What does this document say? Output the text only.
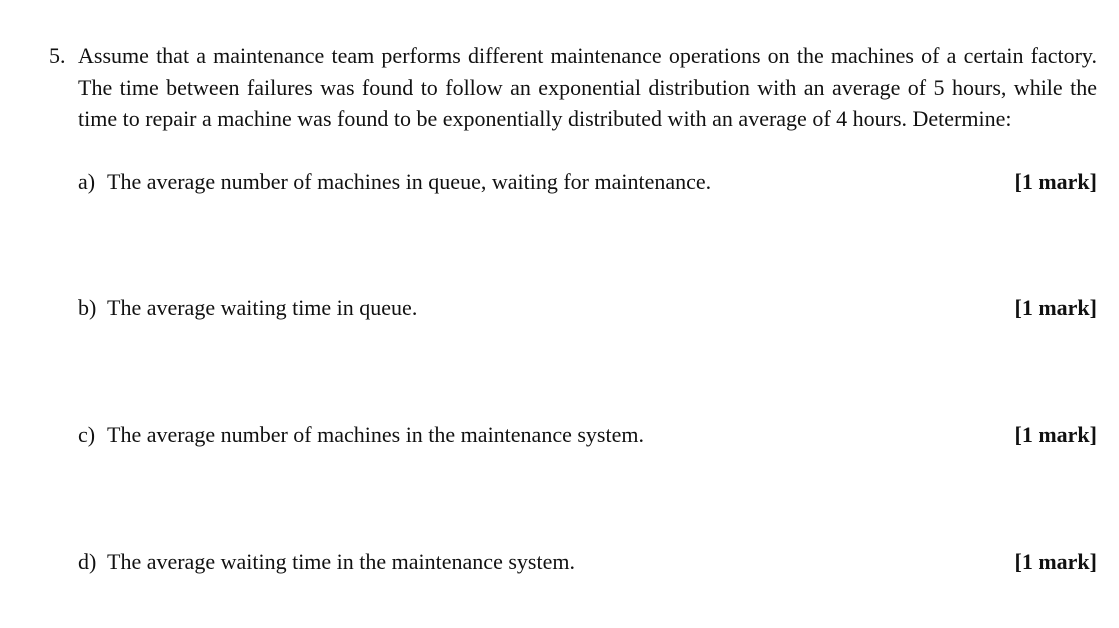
5. Assume that a maintenance team performs different maintenance operations on the machines of a certain factory. The time between failures was found to follow an exponential distribution with an average of 5 hours, while the time to repair a machine was found to be exponentially distributed with an average of 4 hours. Determine:
a) The average number of machines in queue, waiting for maintenance.	[1 mark]
b) The average waiting time in queue.	[1 mark]
c) The average number of machines in the maintenance system.	[1 mark]
d) The average waiting time in the maintenance system.	[1 mark]
